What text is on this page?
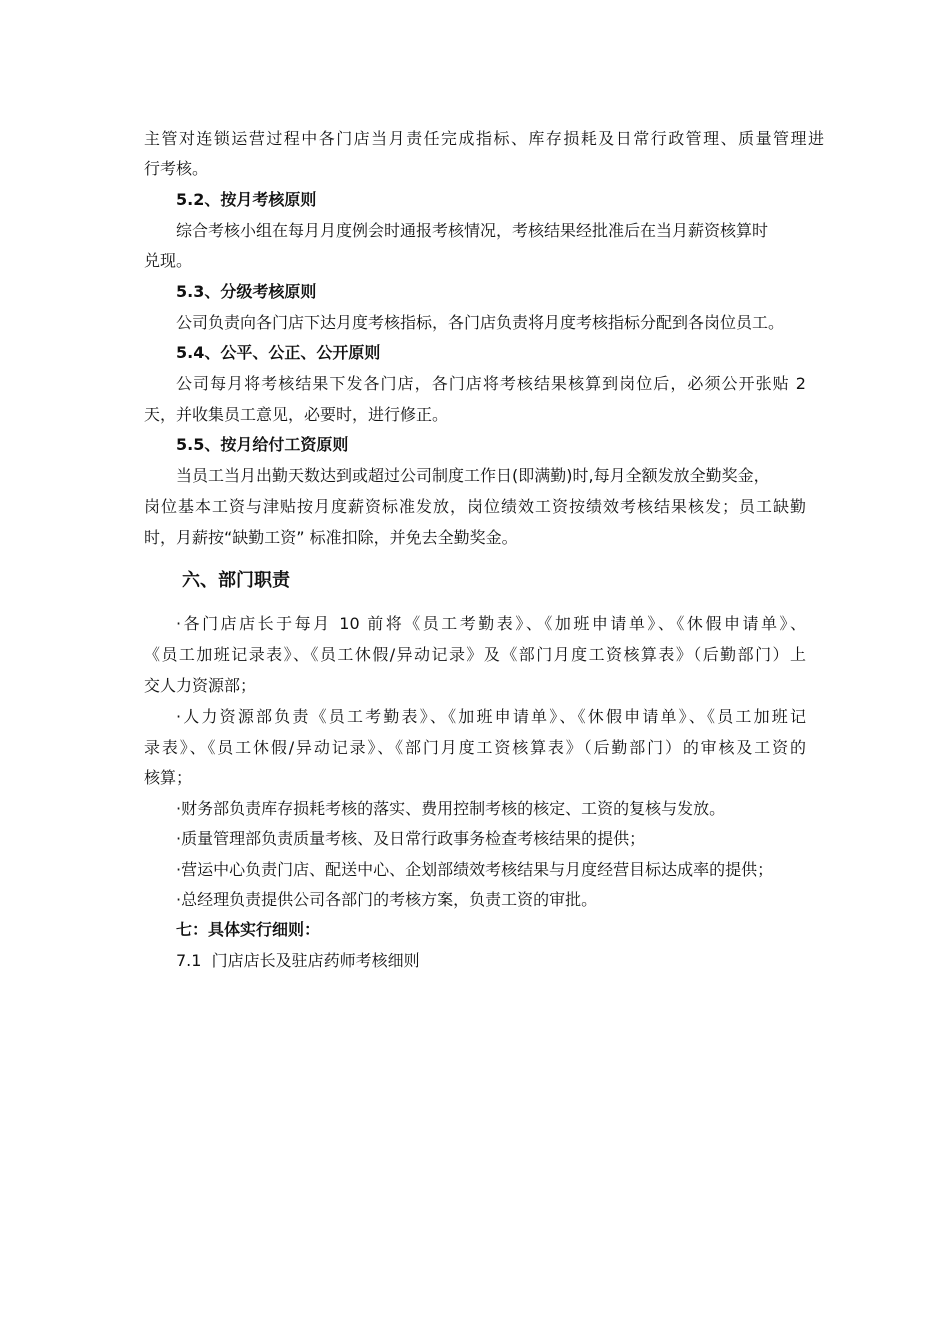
主管对连锁运营过程中各门店当月责任完成指标、库存损耗及日常行政管理、质量管理进
行考核。
5.2、按月考核原则
综合考核小组在每月月度例会时通报考核情况，考核结果经批准后在当月薪资核算时
兑现。
5.3、分级考核原则
公司负责向各门店下达月度考核指标，各门店负责将月度考核指标分配到各岗位员工。
5.4、公平、公正、公开原则
公司每月将考核结果下发各门店，各门店将考核结果核算到岗位后，必须公开张贴 2
天，并收集员工意见，必要时，进行修正。
5.5、按月给付工资原则
当员工当月出勤天数达到或超过公司制度工作日(即满勤)时,每月全额发放全勤奖金，
岗位基本工资与津贴按月度薪资标准发放，岗位绩效工资按绩效考核结果核发；员工缺勤
时，月薪按“缺勤工资” 标准扣除，并免去全勤奖金。
六、部门职责
·各门店店长于每月 10 前将《员工考勤表》、《加班申请单》、《休假申请单》、
《员工加班记录表》、《员工休假/异动记录》及《部门月度工资核算表》（后勤部门）上
交人力资源部；
·人力资源部负责《员工考勤表》、《加班申请单》、《休假申请单》、《员工加班记
录表》、《员工休假/异动记录》、《部门月度工资核算表》（后勤部门）的审核及工资的
核算；
·财务部负责库存损耗考核的落实、费用控制考核的核定、工资的复核与发放。
·质量管理部负责质量考核、及日常行政事务检查考核结果的提供；
·营运中心负责门店、配送中心、企划部绩效考核结果与月度经营目标达成率的提供；
·总经理负责提供公司各部门的考核方案，负责工资的审批。
七：具体实行细则：
7.1  门店店长及驻店药师考核细则
